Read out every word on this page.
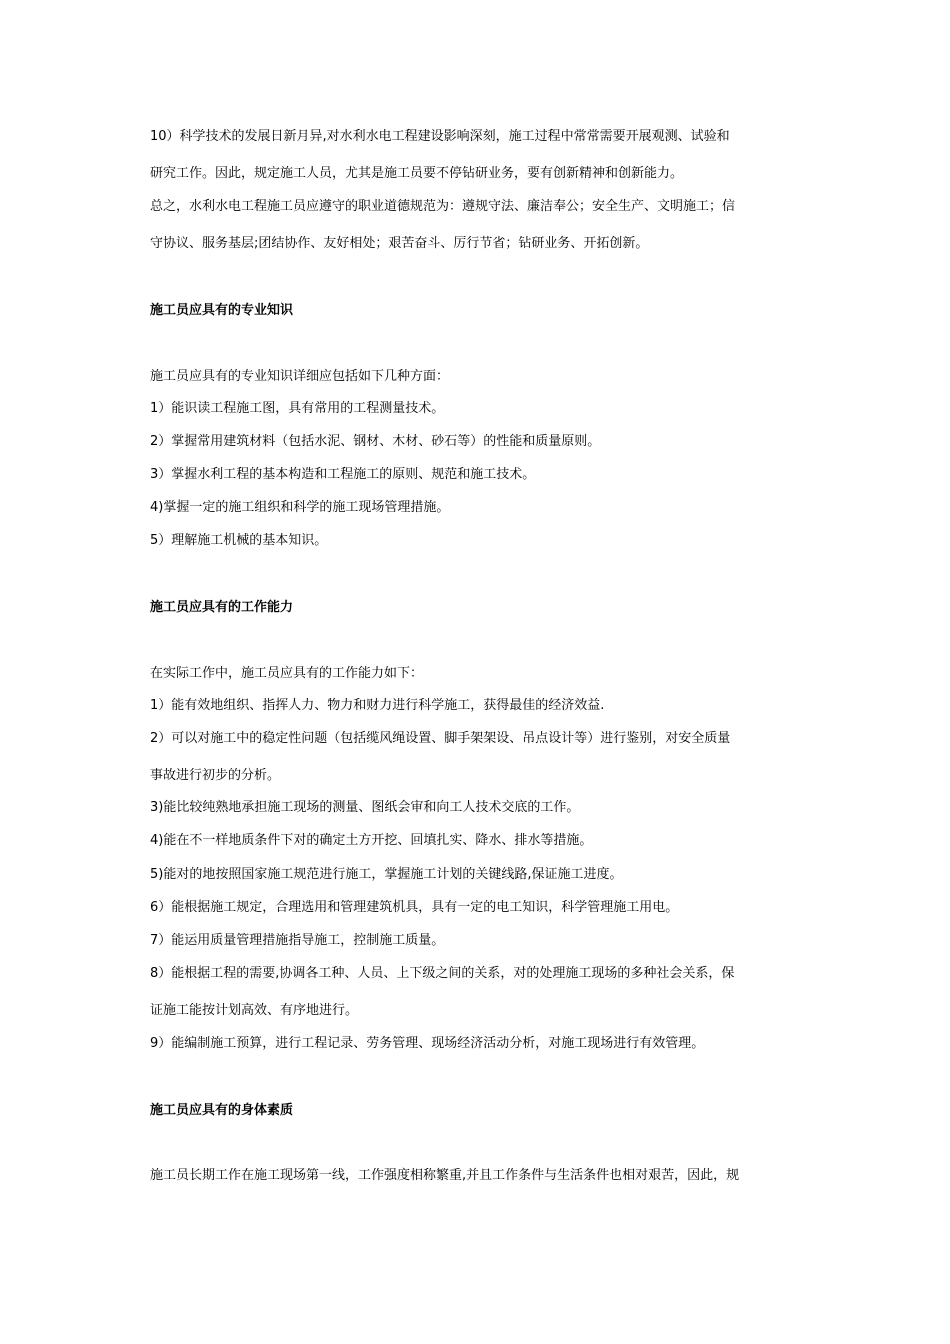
10）科学技术的发展日新月异,对水利水电工程建设影响深刻，施工过程中常常需要开展观测、试验和
研究工作。因此，规定施工人员，尤其是施工员要不停钻研业务，要有创新精神和创新能力。
总之，水利水电工程施工员应遵守的职业道德规范为：遵规守法、廉洁奉公；安全生产、文明施工；信
守协议、服务基层;团结协作、友好相处；艰苦奋斗、厉行节省；钻研业务、开拓创新。
施工员应具有的专业知识
施工员应具有的专业知识详细应包括如下几种方面：
1）能识读工程施工图，具有常用的工程测量技术。
2）掌握常用建筑材料（包括水泥、钢材、木材、砂石等）的性能和质量原则。
3）掌握水利工程的基本构造和工程施工的原则、规范和施工技术。
4)掌握一定的施工组织和科学的施工现场管理措施。
5）理解施工机械的基本知识。
施工员应具有的工作能力
在实际工作中，施工员应具有的工作能力如下：
1）能有效地组织、指挥人力、物力和财力进行科学施工，获得最佳的经济效益.
2）可以对施工中的稳定性问题（包括缆风绳设置、脚手架架设、吊点设计等）进行鉴别，对安全质量
事故进行初步的分析。
3)能比较纯熟地承担施工现场的测量、图纸会审和向工人技术交底的工作。
4)能在不一样地质条件下对的确定土方开挖、回填扎实、降水、排水等措施。
5)能对的地按照国家施工规范进行施工，掌握施工计划的关键线路,保证施工进度。
6）能根据施工规定，合理选用和管理建筑机具，具有一定的电工知识，科学管理施工用电。
7）能运用质量管理措施指导施工，控制施工质量。
8）能根据工程的需要,协调各工种、人员、上下级之间的关系，对的处理施工现场的多种社会关系，保
证施工能按计划高效、有序地进行。
9）能编制施工预算，进行工程记录、劳务管理、现场经济活动分析，对施工现场进行有效管理。
施工员应具有的身体素质
施工员长期工作在施工现场第一线，工作强度相称繁重,并且工作条件与生活条件也相对艰苦，因此，规
